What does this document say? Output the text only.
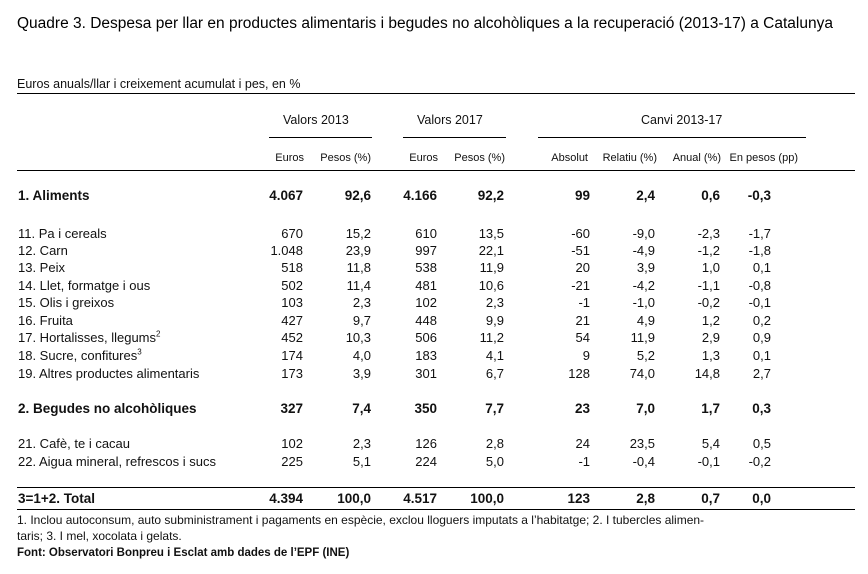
Quadre 3. Despesa per llar en productes alimentaris i begudes no alcohòliques a la recuperació (2013-17) a Catalunya
Euros anuals/llar i creixement acumulat i pes, en %
Valors 2013	Valors 2017	Canvi 2013-17
Euros Pesos (%)	Euros Pesos (%)	Absolut Relatiu (%) Anual (%) En pesos (pp)
1. Aliments	4.067	92,6 4.166	92,2	99	2,4	0,6 -0,3
11. Pa i cereals	670	15,2	610	13,5	-60	-9,0	-2,3 -1,7
12. Carn	1.048	23,9	997	22,1	-51	-4,9	-1,2 -1,8
13. Peix	518	11,8	538	11,9	20	3,9	1,0	0,1
14. Llet, formatge i ous	502	11,4	481	10,6	-21	-4,2	-1,1 -0,8
15. Olis i greixos	103	2,3	102	2,3	-1	-1,0	-0,2 -0,1
16. Fruita	427	9,7	448	9,9	21	4,9	1,2	0,2
17. Hortalisses, llegums$^2$	452	10,3	506	11,2	54	11,9	2,9	0,9
18. Sucre, confitures$^3$	174	4,0	183	4,1	9	5,2	1,3	0,1
19. Altres productes alimentaris	173	3,9	301	6,7	128	74,0	14,8	2,7
2. Begudes no alcohòliques	327	7,4	350	7,7	23	7,0	1,7 0,3
21. Cafè, te i cacau	102	2,3	126	2,8	24	23,5	5,4	0,5
22. Aigua mineral, refrescos i sucs	225	5,1	224	5,0	-1	-0,4	-0,1 -0,2
3=1+2. Total	4.394	100,0 4.517 100,0	123	2,8	0,7 0,0
1. Inclou autoconsum, auto subministrament i pagaments en espècie, exclou lloguers imputats a l’habitatge; 2. I tubercles alimen-
taris; 3. I mel, xocolata i gelats.
Font: Observatori Bonpreu i Esclat amb dades de l’EPF (INE)
